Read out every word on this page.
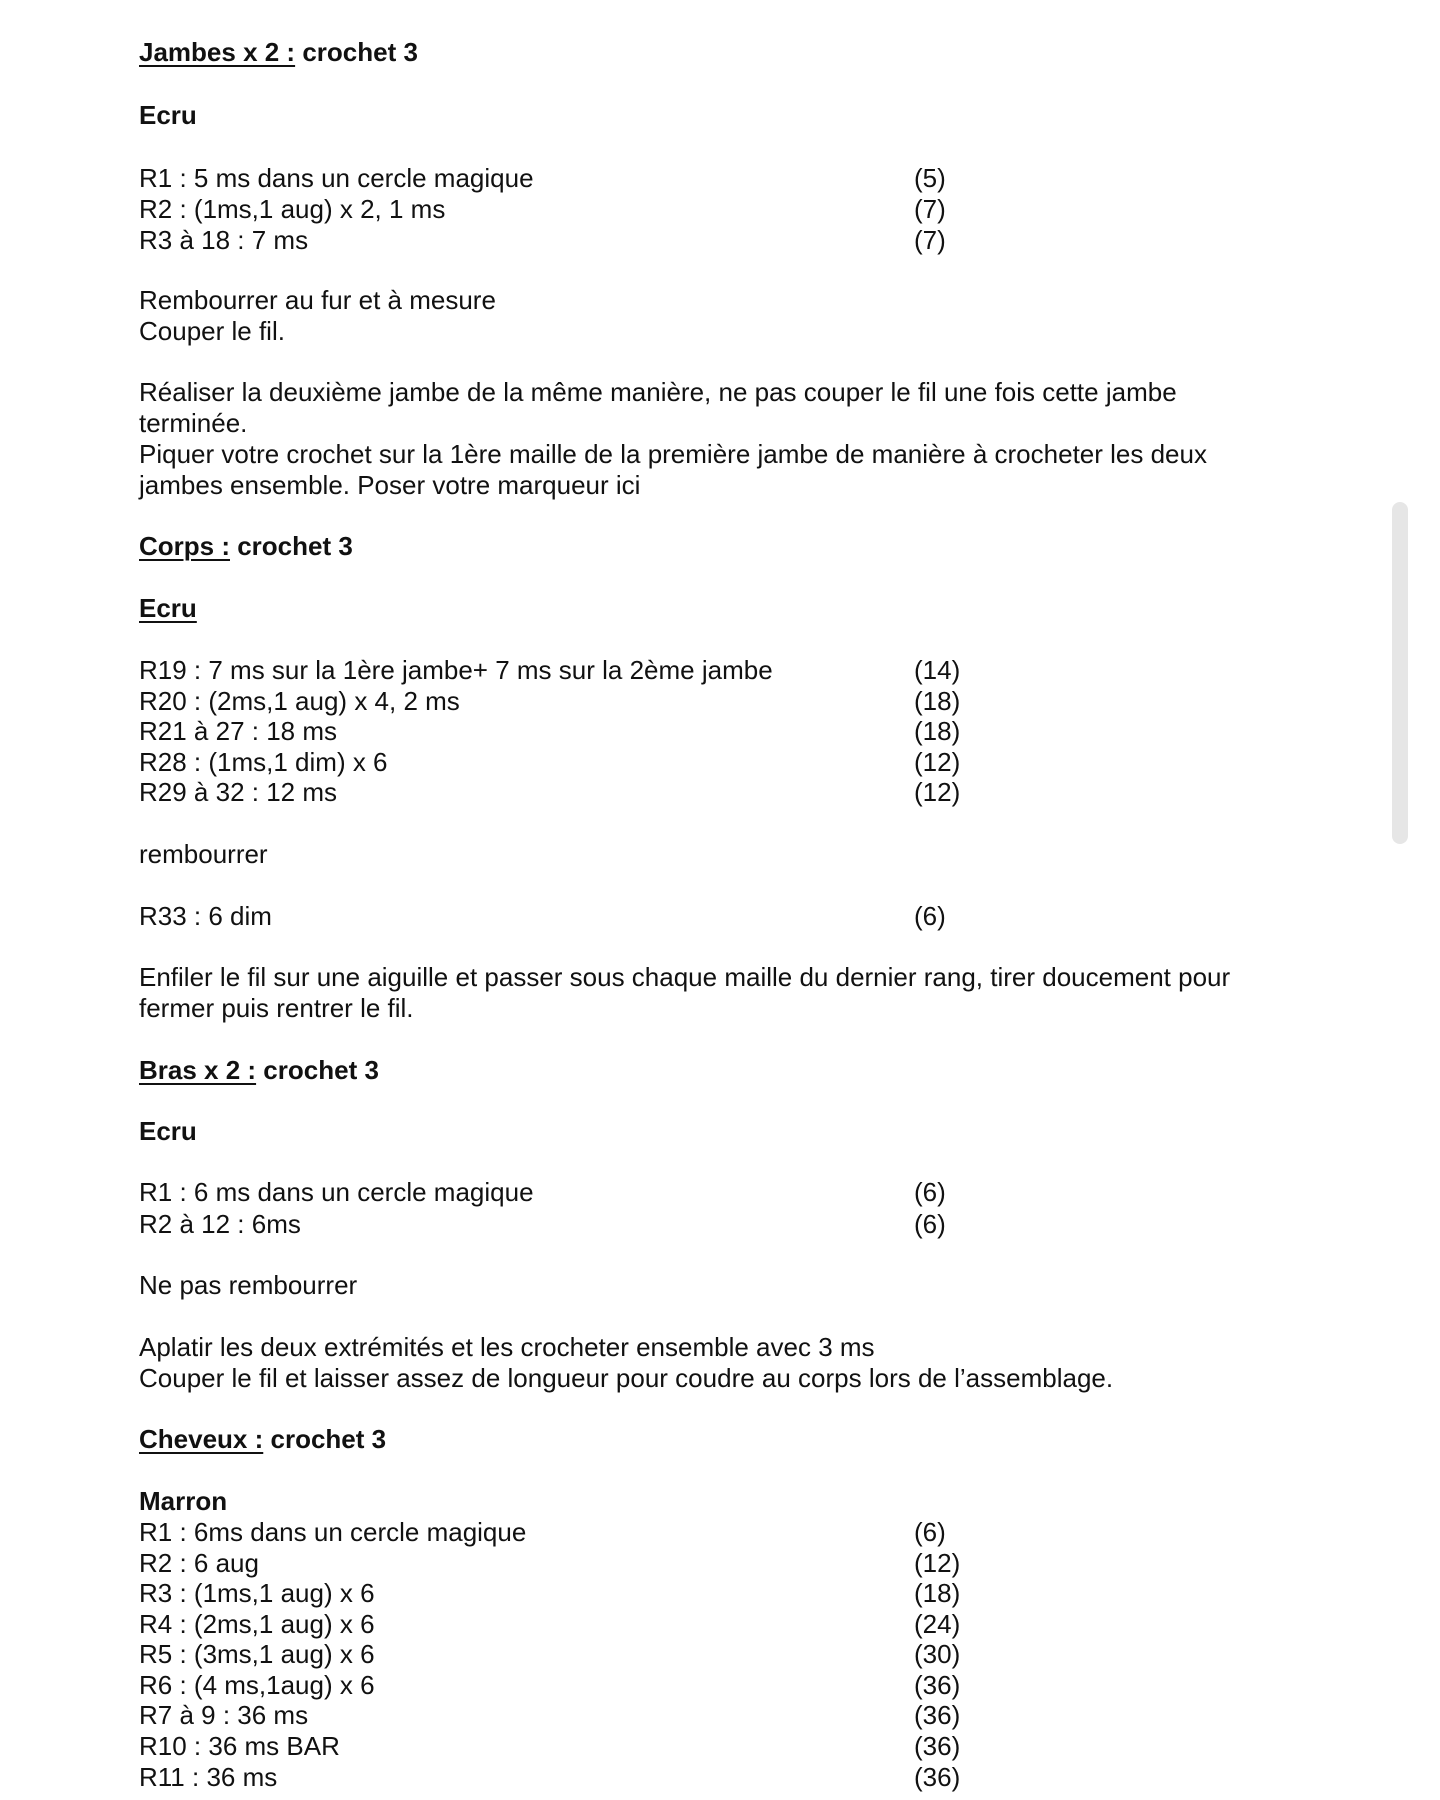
Jambes x 2 : crochet 3
Ecru
R1 : 5 ms dans un cercle magique	(5)
R2 : (1ms,1 aug) x 2, 1 ms	(7)
R3 à 18 : 7 ms	(7)
Rembourrer au fur et à mesure
Couper le fil.
Réaliser la deuxième jambe de la même manière, ne pas couper le fil une fois cette jambe terminée.
Piquer votre crochet sur la 1ère maille de la première jambe de manière à crocheter les deux jambes ensemble. Poser votre marqueur ici
Corps : crochet 3
Ecru
R19 : 7 ms sur la 1ère jambe+ 7 ms sur la 2ème jambe	(14)
R20 : (2ms,1 aug) x 4, 2 ms	(18)
R21 à 27 : 18 ms	(18)
R28 : (1ms,1 dim) x 6	(12)
R29 à 32 : 12 ms	(12)
rembourrer
R33 : 6 dim	(6)
Enfiler le fil sur une aiguille et passer sous chaque maille du dernier rang, tirer doucement pour fermer puis rentrer le fil.
Bras x 2 : crochet 3
Ecru
R1 : 6 ms dans un cercle magique	(6)
R2 à 12 : 6ms	(6)
Ne pas rembourrer
Aplatir les deux extrémités et les crocheter ensemble avec 3 ms
Couper le fil et laisser assez de longueur pour coudre au corps lors de l’assemblage.
Cheveux : crochet 3
Marron
R1 : 6ms dans un cercle magique	(6)
R2 : 6 aug	(12)
R3 : (1ms,1 aug) x 6	(18)
R4 : (2ms,1 aug) x 6	(24)
R5 : (3ms,1 aug) x 6	(30)
R6 : (4 ms,1aug) x 6	(36)
R7 à 9 : 36 ms	(36)
R10 : 36 ms BAR	(36)
R11 : 36 ms	(36)
